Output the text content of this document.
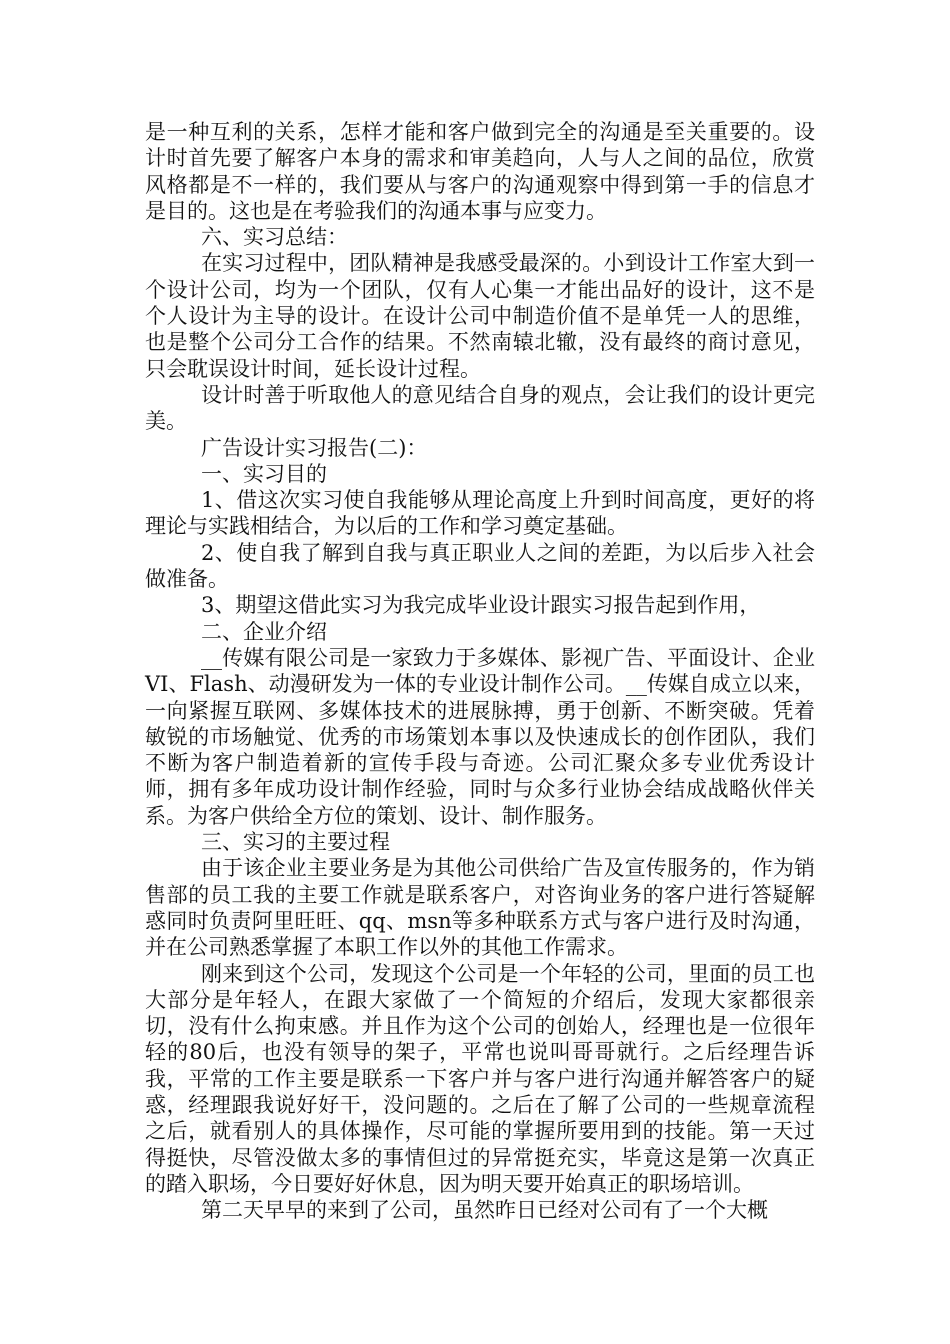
是一种互利的关系，怎样才能和客户做到完全的沟通是至关重要的。设计时首先要了解客户本身的需求和审美趋向，人与人之间的品位，欣赏风格都是不一样的，我们要从与客户的沟通观察中得到第一手的信息才是目的。这也是在考验我们的沟通本事与应变力。

六、实习总结：

在实习过程中，团队精神是我感受最深的。小到设计工作室大到一个设计公司，均为一个团队，仅有人心集一才能出品好的设计，这不是个人设计为主导的设计。在设计公司中制造价值不是单凭一人的思维，也是整个公司分工合作的结果。不然南辕北辙，没有最终的商讨意见，只会耽误设计时间，延长设计过程。

设计时善于听取他人的意见结合自身的观点，会让我们的设计更完美。

广告设计实习报告(二)：

一、实习目的

1、借这次实习使自我能够从理论高度上升到时间高度，更好的将理论与实践相结合，为以后的工作和学习奠定基础。

2、使自我了解到自我与真正职业人之间的差距，为以后步入社会做准备。

3、期望这借此实习为我完成毕业设计跟实习报告起到作用，

二、企业介绍

__传媒有限公司是一家致力于多媒体、影视广告、平面设计、企业VI、Flash、动漫研发为一体的专业设计制作公司。__传媒自成立以来，一向紧握互联网、多媒体技术的进展脉搏，勇于创新、不断突破。凭着敏锐的市场触觉、优秀的市场策划本事以及快速成长的创作团队，我们不断为客户制造着新的宣传手段与奇迹。公司汇聚众多专业优秀设计师，拥有多年成功设计制作经验，同时与众多行业协会结成战略伙伴关系。为客户供给全方位的策划、设计、制作服务。

三、实习的主要过程

由于该企业主要业务是为其他公司供给广告及宣传服务的，作为销售部的员工我的主要工作就是联系客户，对咨询业务的客户进行答疑解惑同时负责阿里旺旺、qq、msn等多种联系方式与客户进行及时沟通，并在公司熟悉掌握了本职工作以外的其他工作需求。

刚来到这个公司，发现这个公司是一个年轻的公司，里面的员工也大部分是年轻人，在跟大家做了一个简短的介绍后，发现大家都很亲切，没有什么拘束感。并且作为这个公司的创始人，经理也是一位很年轻的80后，也没有领导的架子，平常也说叫哥哥就行。之后经理告诉我，平常的工作主要是联系一下客户并与客户进行沟通并解答客户的疑惑，经理跟我说好好干，没问题的。之后在了解了公司的一些规章流程之后，就看别人的具体操作，尽可能的掌握所要用到的技能。第一天过得挺快，尽管没做太多的事情但过的异常挺充实，毕竟这是第一次真正的踏入职场，今日要好好休息，因为明天要开始真正的职场培训。

第二天早早的来到了公司，虽然昨日已经对公司有了一个大概
